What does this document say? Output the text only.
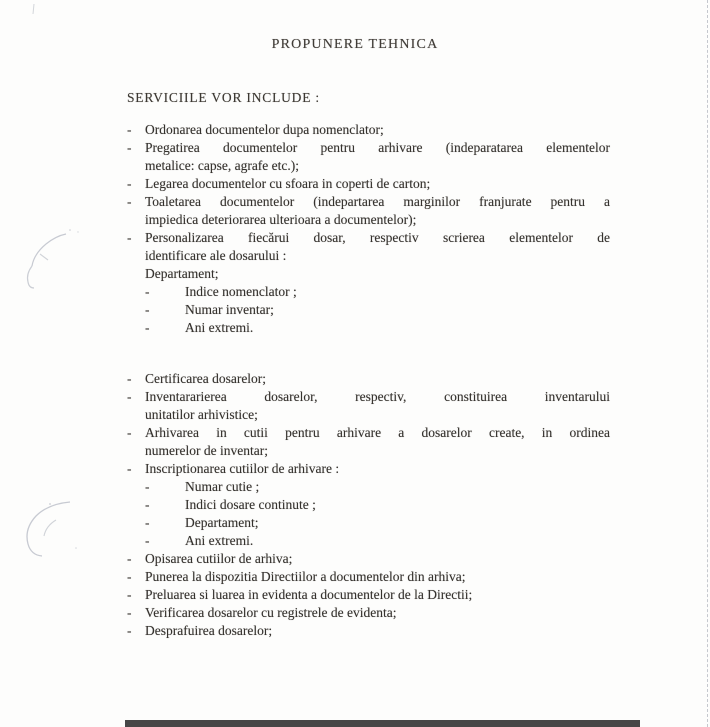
PROPUNERE TEHNICA
SERVICIILE VOR INCLUDE :
-	Ordonarea documentelor dupa nomenclator;
-	Pregatirea documentelor pentru arhivare (indeparatarea elementelor
metalice: capse, agrafe etc.);
-	Legarea documentelor cu sfoara in coperti de carton;
-	Toaletarea documentelor (indepartarea marginilor franjurate pentru a
impiedica deteriorarea ulterioara a documentelor);
-	Personalizarea fiecărui dosar, respectiv scrierea elementelor de
identificare ale dosarului :
Departament;
-	Indice nomenclator ;
-	Numar inventar;
-	Ani extremi.
-	Certificarea dosarelor;
-	Inventararierea dosarelor, respectiv, constituirea inventarului
unitatilor arhivistice;
-	Arhivarea in cutii pentru arhivare a dosarelor create, in ordinea
numerelor de inventar;
-	Inscriptionarea cutiilor de arhivare :
-	Numar cutie ;
-	Indici dosare continute ;
-	Departament;
-	Ani extremi.
-	Opisarea cutiilor de arhiva;
-	Punerea la dispozitia Directiilor a documentelor din arhiva;
-	Preluarea si luarea in evidenta a documentelor de la Directii;
-	Verificarea dosarelor cu registrele de evidenta;
-	Desprafuirea dosarelor;
